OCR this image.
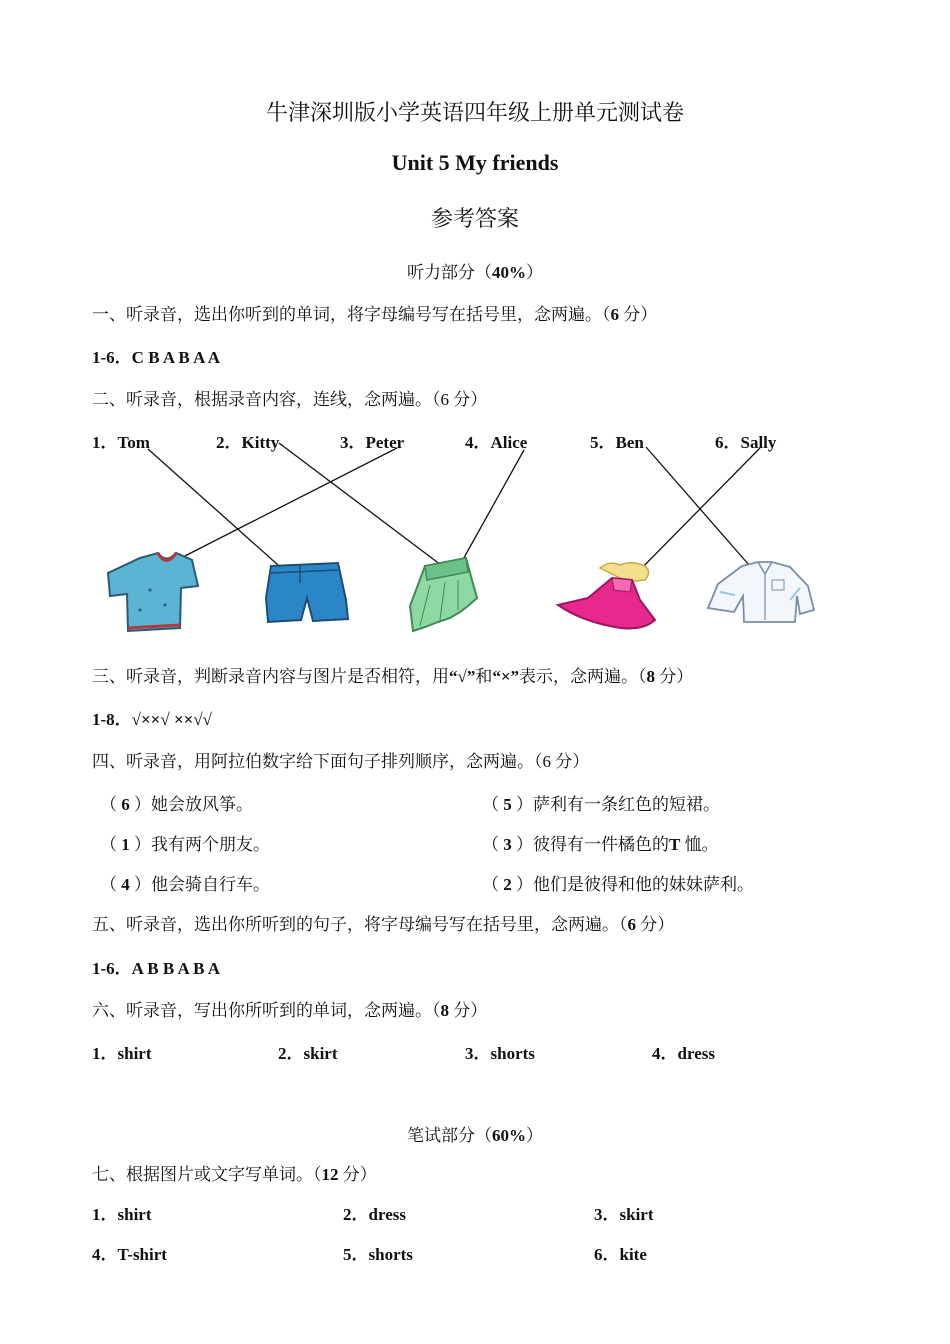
牛津深圳版小学英语四年级上册单元测试卷
Unit 5 My friends
参考答案
听力部分（40%）
一、听录音，选出你听到的单词，将字母编号写在括号里，念两遍。（6 分）
1-6．C B A B A A
二、听录音，根据录音内容，连线，念两遍。（6 分）
1．Tom	2．Kitty	3．Peter	4．Alice	5．Ben	6．Sally
三、听录音，判断录音内容与图片是否相符，用“√”和“×”表示，念两遍。（8 分）
1-8．√××√ ××√√
四、听录音，用阿拉伯数字给下面句子排列顺序，念两遍。（6 分）
（ 6 ）她会放风筝。	（ 5 ）萨利有一条红色的短裙。
（ 1 ）我有两个朋友。	（ 3 ）彼得有一件橘色的T 恤。
（ 4 ）他会骑自行车。	（ 2 ）他们是彼得和他的妹妹萨利。
五、听录音，选出你所听到的句子，将字母编号写在括号里，念两遍。（6 分）
1-6．A B B A B A
六、听录音，写出你所听到的单词，念两遍。（8 分）
1．shirt	2．skirt	3．shorts	4．dress
笔试部分（60%）
七、根据图片或文字写单词。（12 分）
1．shirt	2．dress	3．skirt
4．T-shirt	5．shorts	6．kite
